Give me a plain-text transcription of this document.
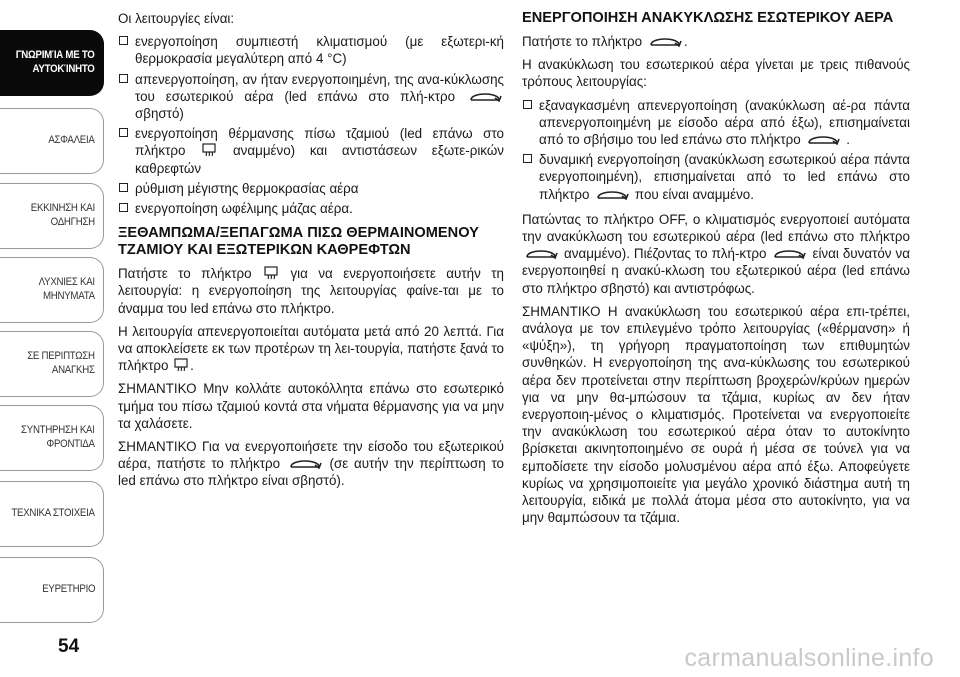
ΓΝΩΡΙΜΊΑ ΜΕ ΤΟ
ΑΥΤΟΚΊΝΗΤΟ
ΑΣΦΑΛΕΙΑ
ΕΚΚΙΝΗΣΗ ΚΑΙ
ΟΔΗΓΗΣΗ
ΛΥΧΝΙΕΣ ΚΑΙ
ΜΗΝΥΜΑΤΑ
ΣΕ ΠΕΡΙΠΤΩΣΗ
ΑΝΑΓΚΗΣ
ΣΥΝΤΗΡΗΣΗ ΚΑΙ
ΦΡΟΝΤΙΔΑ
ΤΕΧΝΙΚΑ ΣΤΟΙΧΕΙΑ
ΕΥΡΕΤΗΡΙΟ
54	carmanualsonline.info

Οι λειτουργίες είναι:

ενεργοποίηση συμπιεστή κλιματισμού (με εξωτερι-κή θερμοκρασία μεγαλύτερη από 4 °C)
απενεργοποίηση, αν ήταν ενεργοποιημένη, της ανα-κύκλωσης του εσωτερικού αέρα (led επάνω στο πλή-κτρο  σβηστό)
ενεργοποίηση θέρμανσης πίσω τζαμιού (led επάνω στο πλήκτρο	αναμμένο) και αντιστάσεων εξωτε-ρικών καθρεφτών
ρύθμιση μέγιστης θερμοκρασίας αέρα
ενεργοποίηση ωφέλιμης μάζας αέρα.
ΞΕΘΑΜΠΩΜΑ/ΞΕΠΑΓΩΜΑ ΠΙΣΩ ΘΕΡΜΑΙΝΟΜΕΝΟΥ ΤΖΑΜΙΟΥ ΚΑΙ ΕΞΩΤΕΡΙΚΩΝ ΚΑΘΡΕΦΤΩΝ

Πατήστε το πλήκτρο	για να ενεργοποιήσετε αυτήν τη λειτουργία: η ενεργοποίηση της λειτουργίας φαίνε-ται με το άναμμα του led επάνω στο πλήκτρο.

Η λειτουργία απενεργοποιείται αυτόματα μετά από 20 λεπτά. Για να αποκλείσετε εκ των προτέρων τη λει-τουργία, πατήστε ξανά το πλήκτρο .

ΣΗΜΑΝΤΙΚΟ Μην κολλάτε αυτοκόλλητα επάνω στο εσωτερικό τμήμα του πίσω τζαμιού κοντά στα νήματα θέρμανσης για να μην τα χαλάσετε.

ΣΗΜΑΝΤΙΚΟ Για να ενεργοποιήσετε την είσοδο του εξωτερικού αέρα, πατήστε το πλήκτρο	(σε αυτήν την περίπτωση το led επάνω στο πλήκτρο είναι σβηστό).

ΕΝΕΡΓΟΠΟΙΗΣΗ ΑΝΑΚΥΚΛΩΣΗΣ ΕΣΩΤΕΡΙΚΟΥ ΑΕΡΑ

Πατήστε το πλήκτρο	.

Η ανακύκλωση του εσωτερικού αέρα γίνεται με τρεις πιθανούς τρόπους λειτουργίας:

εξαναγκασμένη απενεργοποίηση (ανακύκλωση αέ-ρα πάντα απενεργοποιημένη με είσοδο αέρα από έξω), επισημαίνεται από το σβήσιμο του led επάνω στο πλήκτρο	.
δυναμική ενεργοποίηση (ανακύκλωση εσωτερικού αέρα πάντα ενεργοποιημένη), επισημαίνεται από το led επάνω στο πλήκτρο	που είναι αναμμένο.

Πατώντας το πλήκτρο OFF, ο κλιματισμός ενεργοποιεί αυτόματα την ανακύκλωση του εσωτερικού αέρα (led επάνω στο πλήκτρο  αναμμένο). Πιέζοντας το πλή-κτρο	είναι δυνατόν να ενεργοποιηθεί η ανακύ-κλωση του εξωτερικού αέρα (led επάνω στο πλήκτρο σβηστό) και αντιστρόφως.

ΣΗΜΑΝΤΙΚΟ Η ανακύκλωση του εσωτερικού αέρα επι-τρέπει, ανάλογα με τον επιλεγμένο τρόπο λειτουργίας («θέρμανση» ή «ψύξη»), τη γρήγορη πραγματοποίηση των επιθυμητών συνθηκών. Η ενεργοποίηση της ανα-κύκλωσης του εσωτερικού αέρα δεν προτείνεται στην περίπτωση βροχερών/κρύων ημερών για να μην θα-μπώσουν τα τζάμια, κυρίως αν δεν ήταν ενεργοποιη-μένος ο κλιματισμός. Προτείνεται να ενεργοποιείτε την ανακύκλωση του εσωτερικού αέρα όταν το αυτοκίνητο βρίσκεται ακινητοποιημένο σε ουρά ή μέσα σε τούνελ για να εμποδίσετε την είσοδο μολυσμένου αέρα από έξω. Αποφεύγετε κυρίως να χρησιμοποιείτε για μεγάλο χρονικό διάστημα αυτή τη λειτουργία, ειδικά με πολλά άτομα μέσα στο αυτοκίνητο, για να μην θαμπώσουν τα τζάμια.
